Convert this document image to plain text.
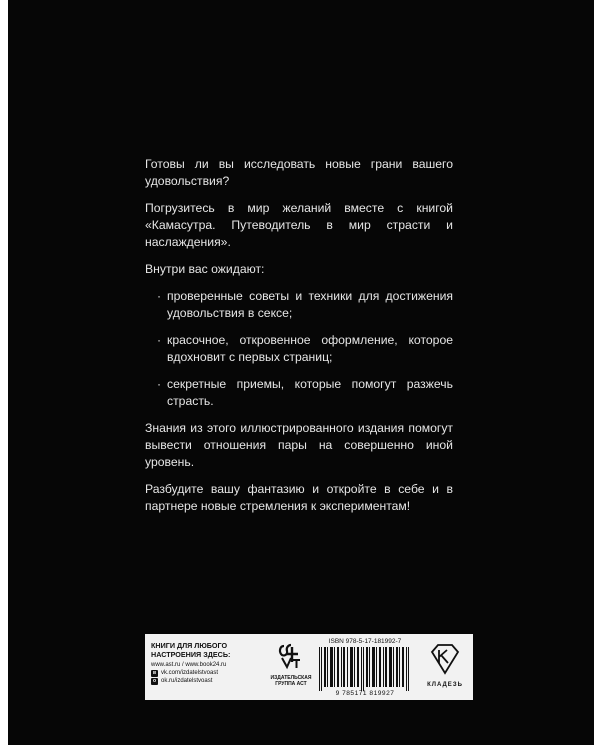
Готовы ли вы исследовать новые грани вашего удовольствия?

Погрузитесь в мир желаний вместе с книгой «Камасутра. Путеводитель в мир страсти и наслаждения».

Внутри вас ожидают:

· проверенные советы и техники для достижения удовольствия в сексе;
· красочное, откровенное оформление, которое вдохновит с первых страниц;
· секретные приемы, которые помогут разжечь страсть.

Знания из этого иллюстрированного издания помогут вывести отношения пары на совершенно иной уровень.

Разбудите вашу фантазию и откройте в себе и в партнере новые стремления к экспериментам!

КНИГИ ДЛЯ ЛЮБОГО
НАСТРОЕНИЯ ЗДЕСЬ:
www.ast.ru / www.book24.ru
в vk.com/izdatelstvoast
о ok.ru/izdatelstvoast	ИЗДАТЕЛЬСКАЯ
ГРУППА АСТ
ISBN 978-5-17-181992-7
9 785171 819927
КЛАДЕЗЬ
